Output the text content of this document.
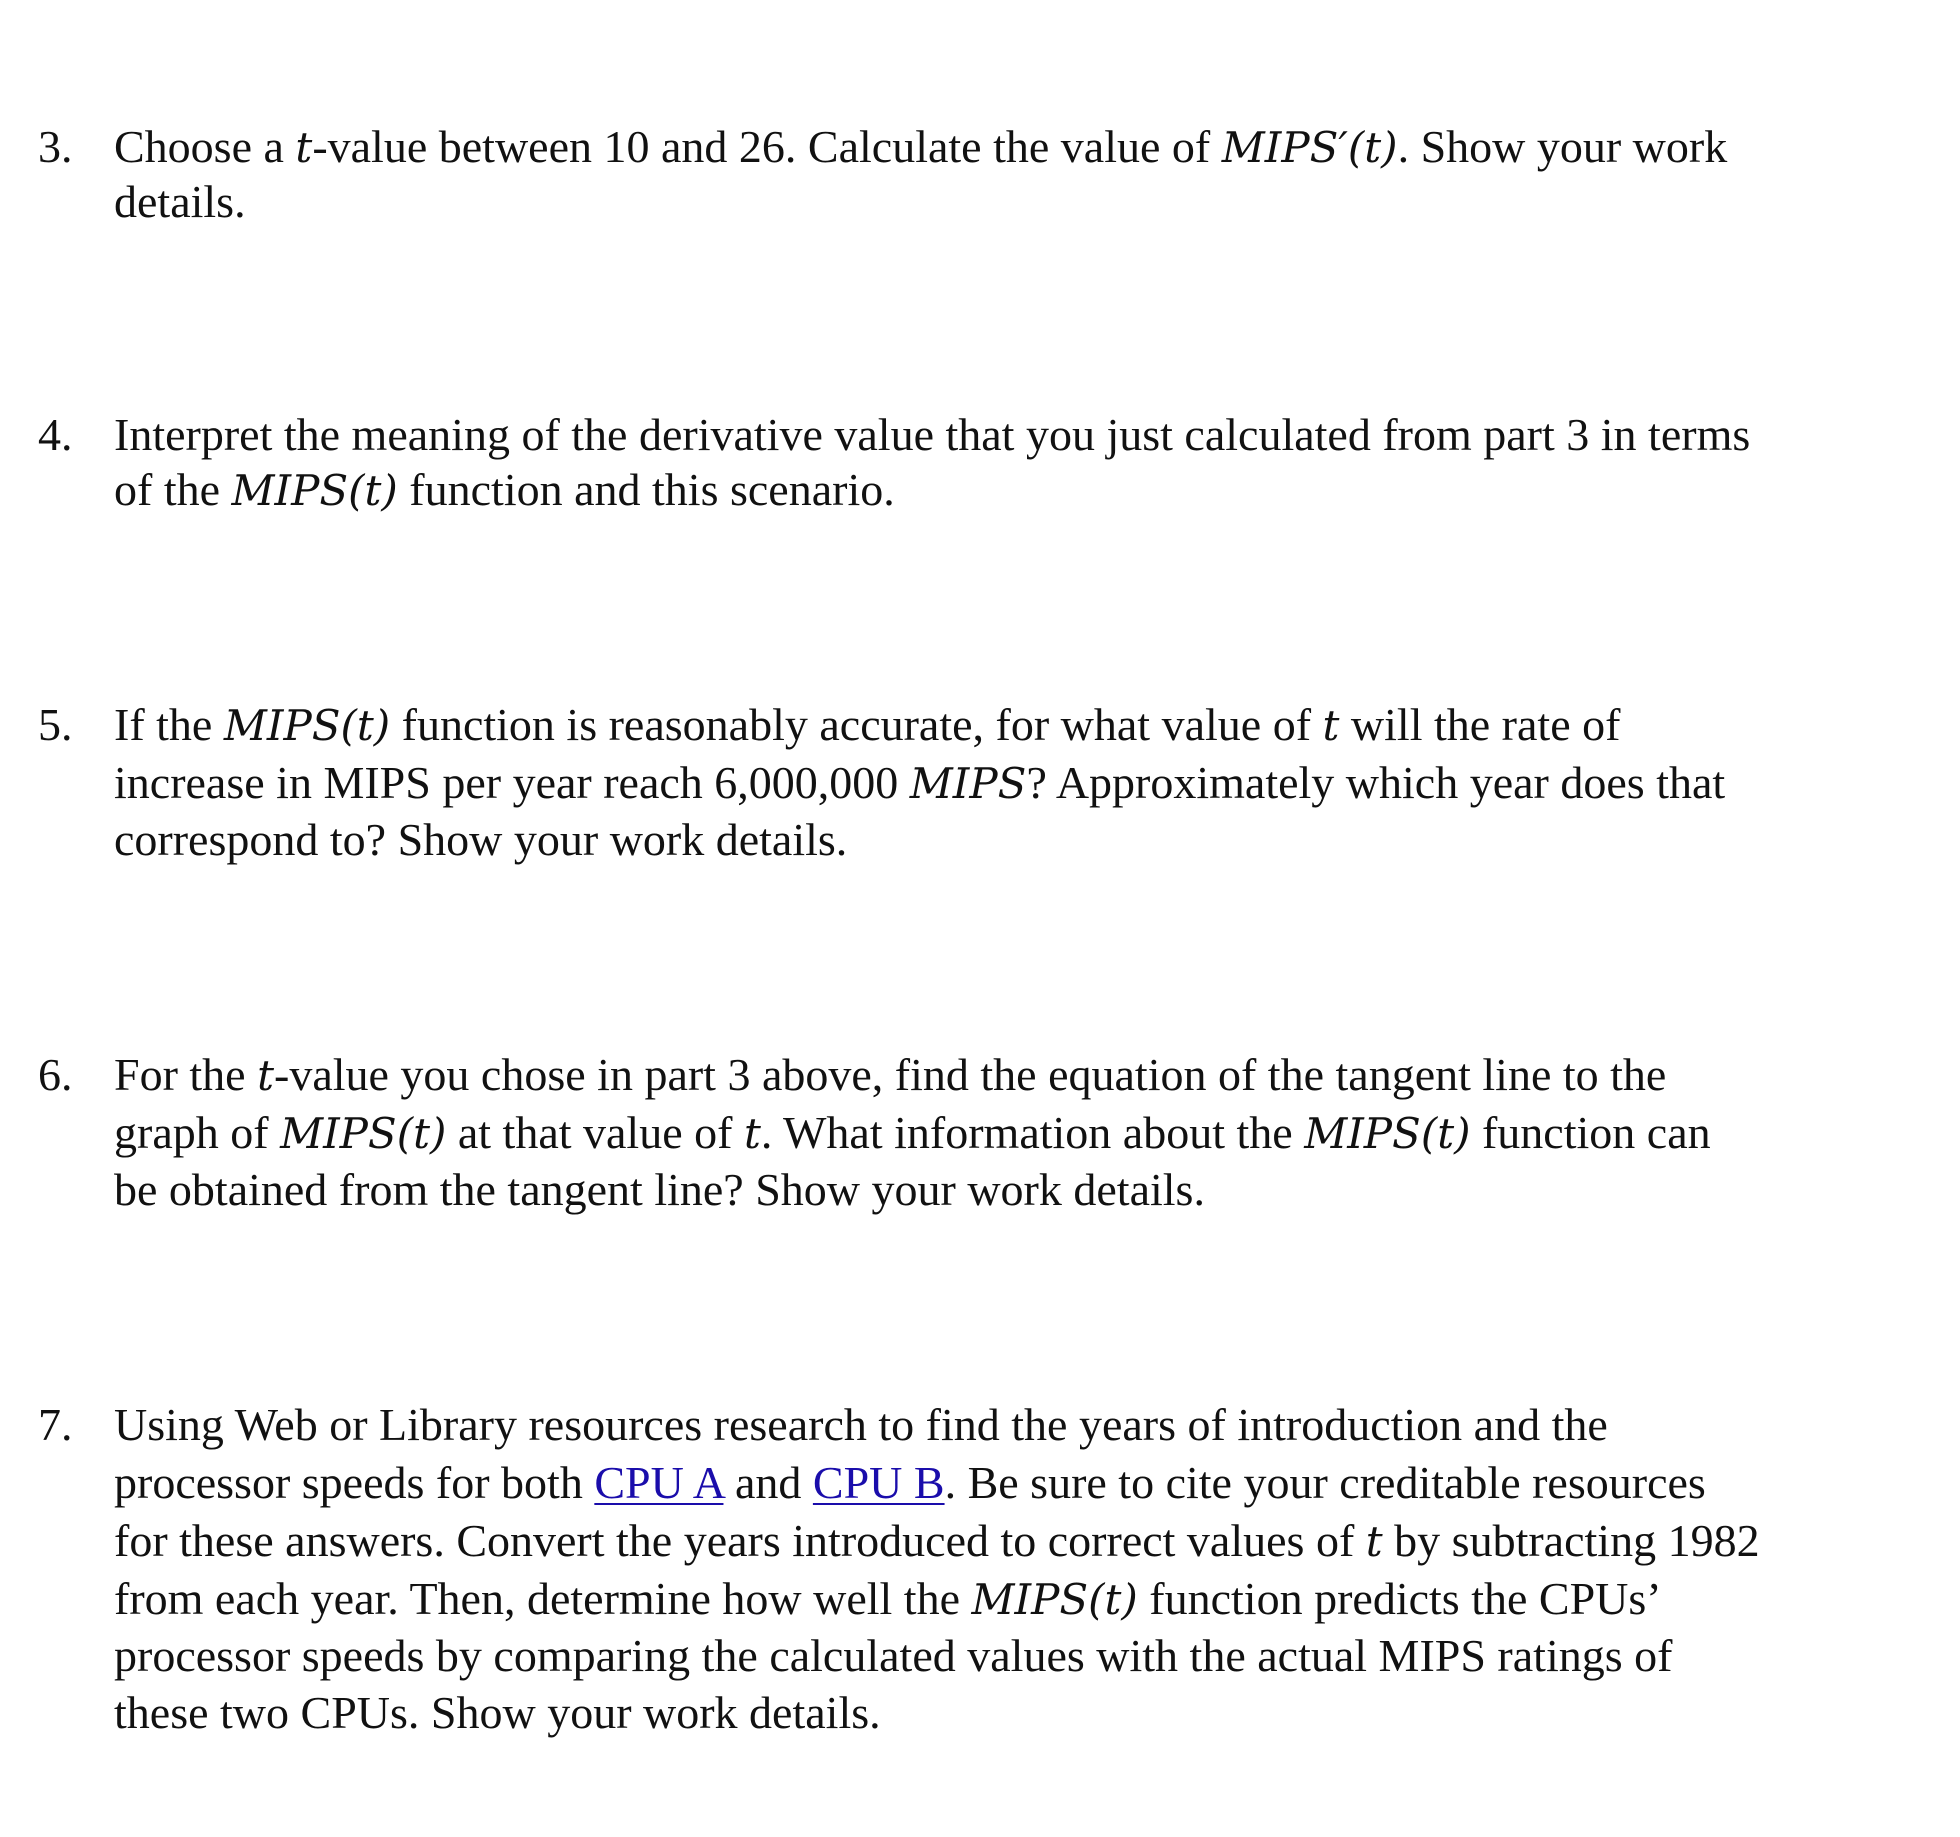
3. Choose a t-value between 10 and 26. Calculate the value of MIPS′(t). Show your work
details.
4. Interpret the meaning of the derivative value that you just calculated from part 3 in terms
of the MIPS(t) function and this scenario.
5. If the MIPS(t) function is reasonably accurate, for what value of t will the rate of
increase in MIPS per year reach 6,000,000 MIPS? Approximately which year does that
correspond to? Show your work details.
6. For the t-value you chose in part 3 above, find the equation of the tangent line to the
graph of MIPS(t) at that value of t. What information about the MIPS(t) function can
be obtained from the tangent line? Show your work details.
7. Using Web or Library resources research to find the years of introduction and the
processor speeds for both CPU A and CPU B. Be sure to cite your creditable resources
for these answers. Convert the years introduced to correct values of t by subtracting 1982
from each year. Then, determine how well the MIPS(t) function predicts the CPUs’
processor speeds by comparing the calculated values with the actual MIPS ratings of
these two CPUs. Show your work details.
